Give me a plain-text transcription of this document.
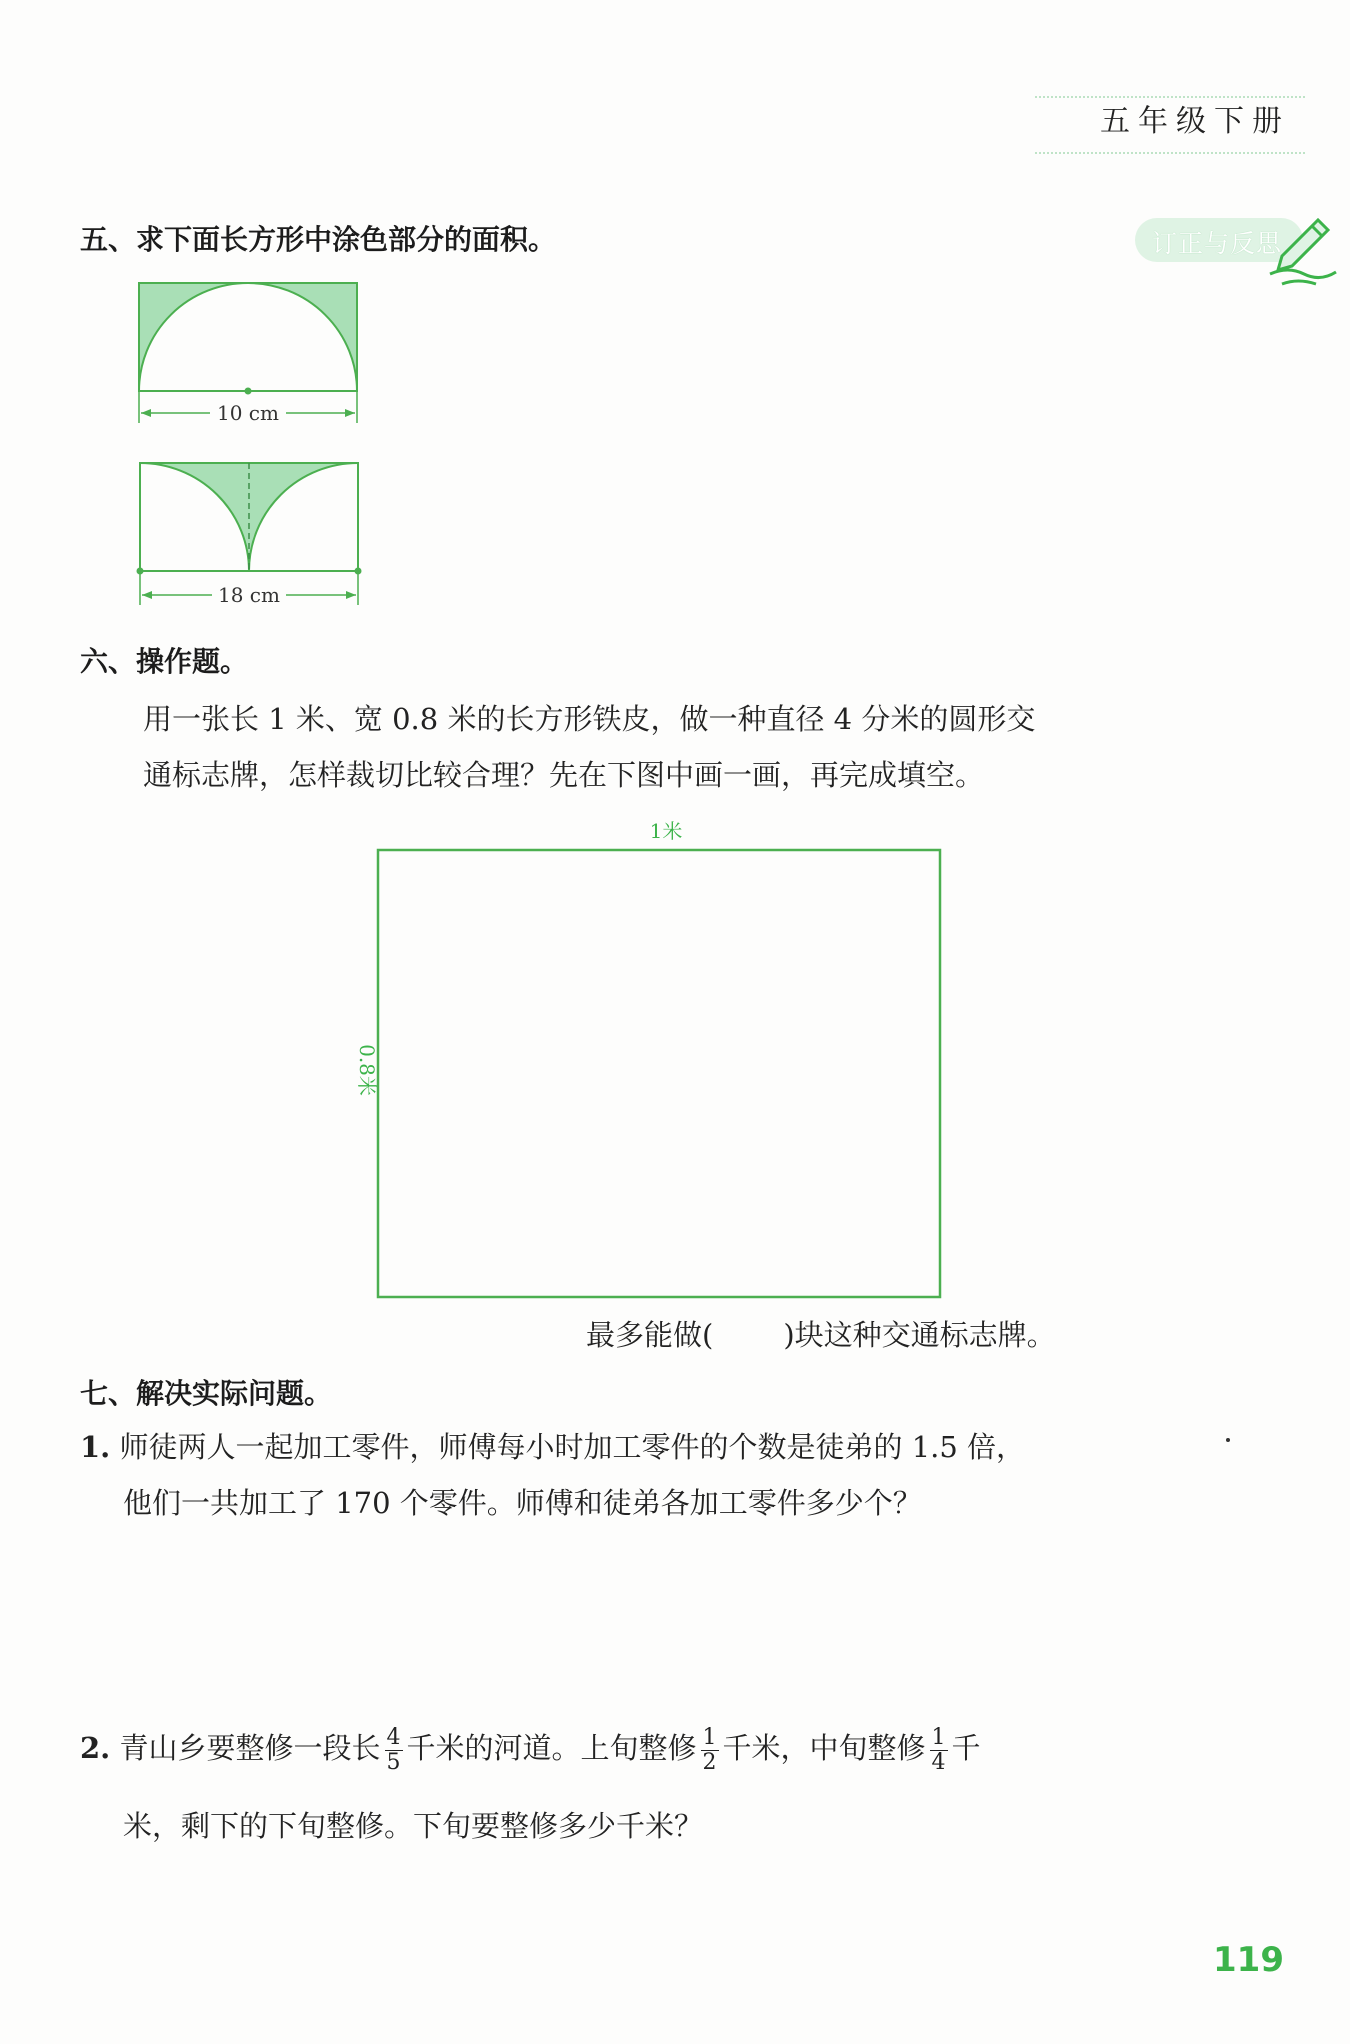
五年级下册
订正与反思
五、求下面长方形中涂色部分的面积。
10 cm
18 cm
六、操作题。
用一张长 1 米、宽 0.8 米的长方形铁皮，做一种直径 4 分米的圆形交
通标志牌，怎样裁切比较合理？先在下图中画一画，再完成填空。
1米
0.8米
最多能做( )块这种交通标志牌。
七、解决实际问题。
1. 师徒两人一起加工零件，师傅每小时加工零件的个数是徒弟的 1.5 倍，
他们一共加工了 170 个零件。师傅和徒弟各加工零件多少个？
2. 青山乡要整修一段长 $\frac{4}{5}$ 千米的河道。上旬整修 $\frac{1}{2}$ 千米，中旬整修 $\frac{1}{4}$ 千
米，剩下的下旬整修。下旬要整修多少千米？
119
